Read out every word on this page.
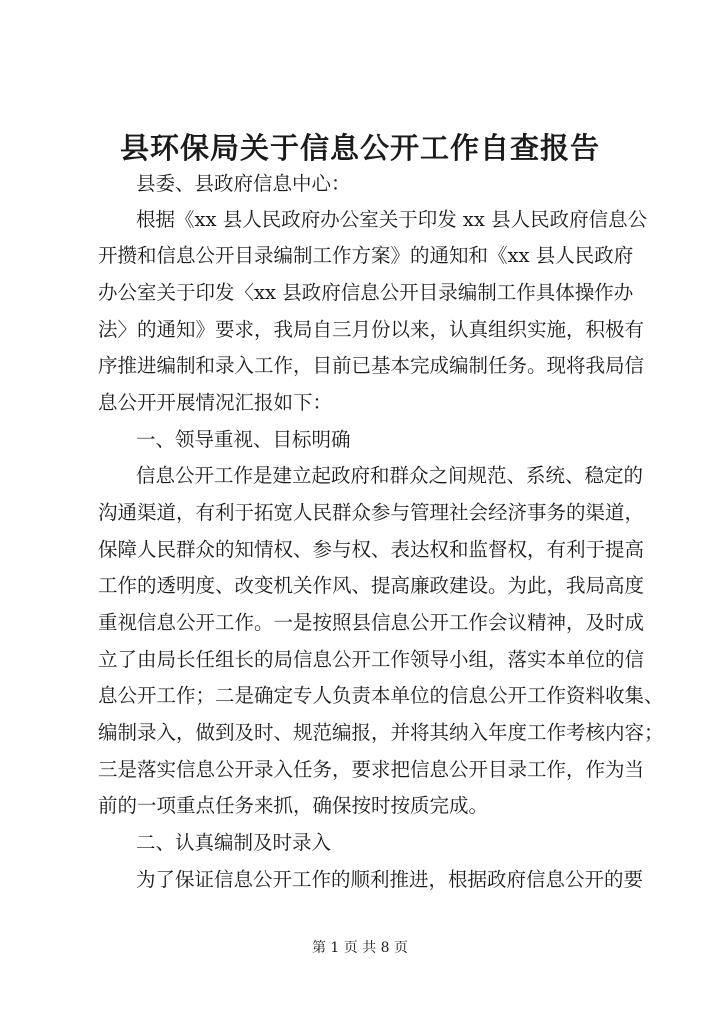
县环保局关于信息公开工作自查报告
县委、县政府信息中心：
根据《xx 县人民政府办公室关于印发 xx 县人民政府信息公
开攒和信息公开目录编制工作方案》的通知和《xx 县人民政府
办公室关于印发〈xx 县政府信息公开目录编制工作具体操作办
法〉的通知》要求，我局自三月份以来，认真组织实施，积极有
序推进编制和录入工作，目前已基本完成编制任务。现将我局信
息公开开展情况汇报如下：
一、领导重视、目标明确
信息公开工作是建立起政府和群众之间规范、系统、稳定的
沟通渠道，有利于拓宽人民群众参与管理社会经济事务的渠道，
保障人民群众的知情权、参与权、表达权和监督权，有利于提高
工作的透明度、改变机关作风、提高廉政建设。为此，我局高度
重视信息公开工作。一是按照县信息公开工作会议精神，及时成
立了由局长任组长的局信息公开工作领导小组，落实本单位的信
息公开工作；二是确定专人负责本单位的信息公开工作资料收集、
编制录入，做到及时、规范编报，并将其纳入年度工作考核内容；
三是落实信息公开录入任务，要求把信息公开目录工作，作为当
前的一项重点任务来抓，确保按时按质完成。
二、认真编制及时录入
为了保证信息公开工作的顺利推进，根据政府信息公开的要
第 1 页 共 8 页
